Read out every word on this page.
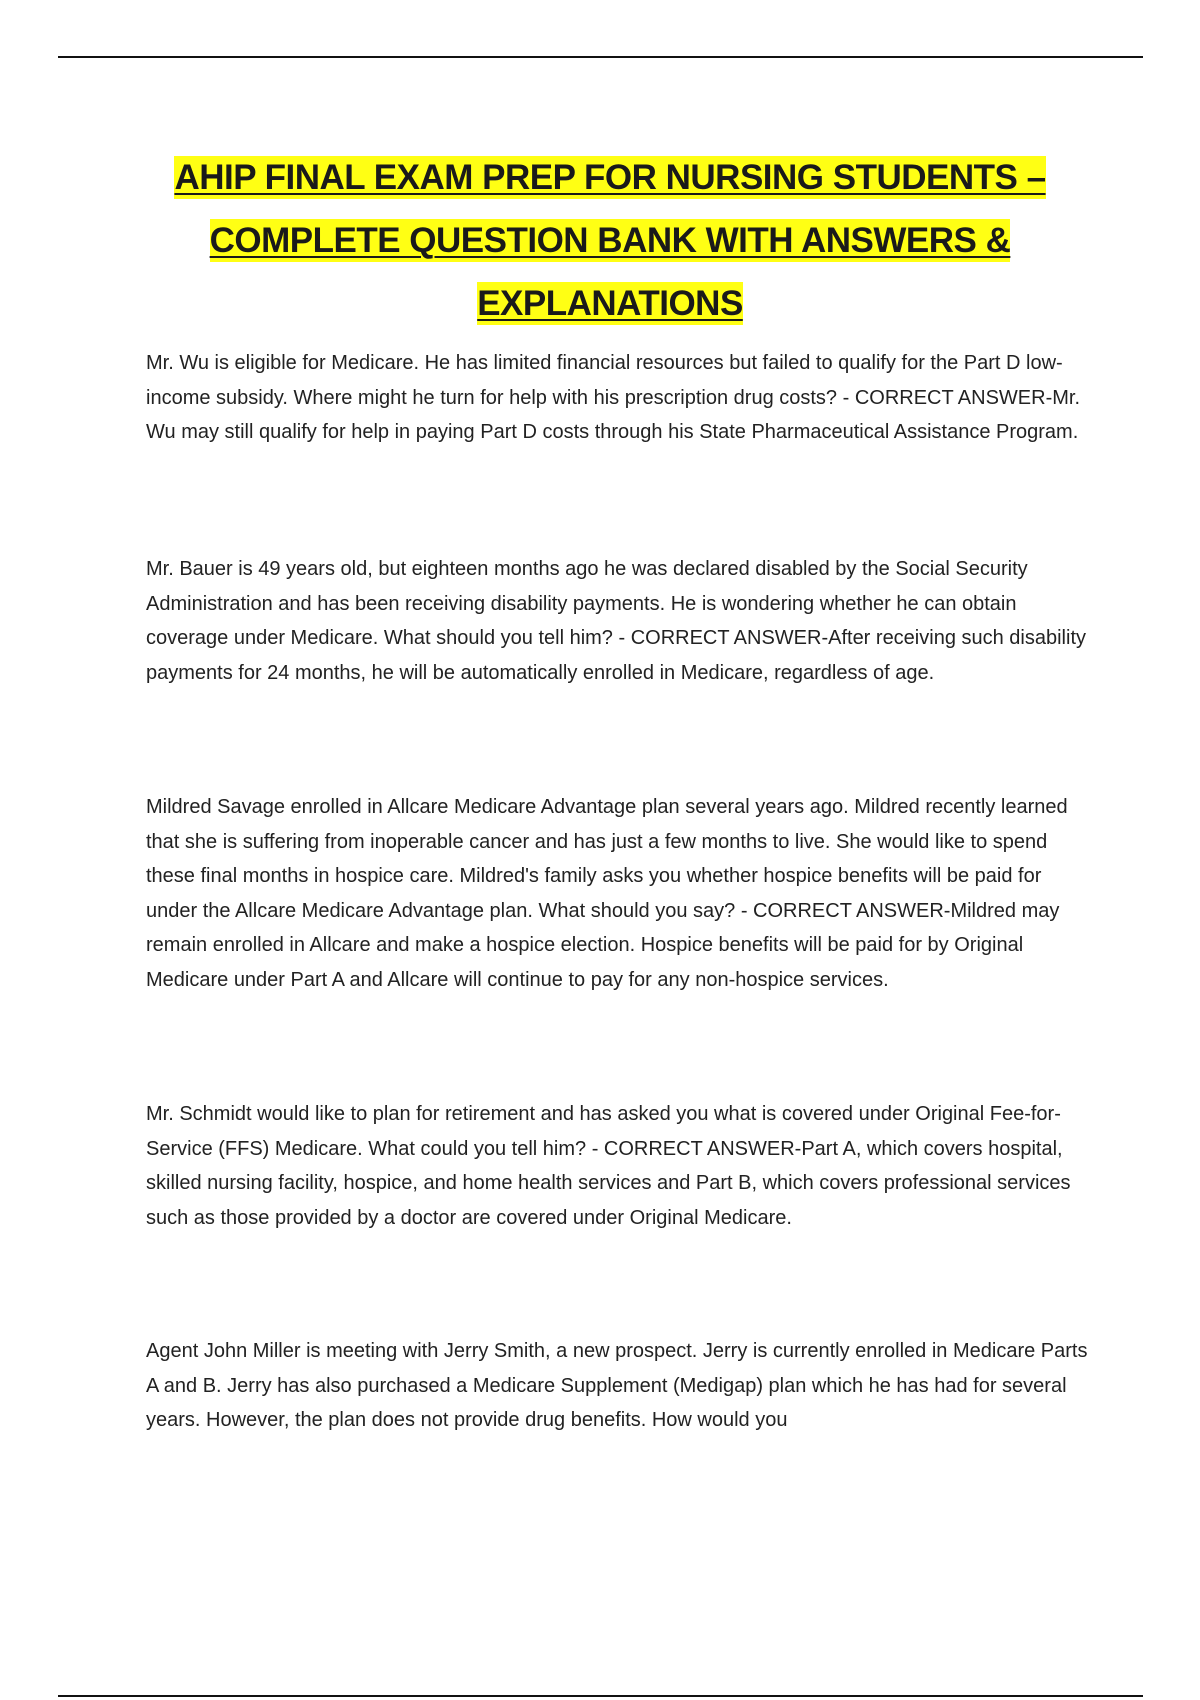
AHIP FINAL EXAM PREP FOR NURSING STUDENTS – COMPLETE QUESTION BANK WITH ANSWERS & EXPLANATIONS

Mr. Wu is eligible for Medicare. He has limited financial resources but failed to qualify for the Part D low-income subsidy. Where might he turn for help with his prescription drug costs? - CORRECT ANSWER-Mr. Wu may still qualify for help in paying Part D costs through his State Pharmaceutical Assistance Program.

Mr. Bauer is 49 years old, but eighteen months ago he was declared disabled by the Social Security Administration and has been receiving disability payments. He is wondering whether he can obtain coverage under Medicare. What should you tell him? - CORRECT ANSWER-After receiving such disability payments for 24 months, he will be automatically enrolled in Medicare, regardless of age.

Mildred Savage enrolled in Allcare Medicare Advantage plan several years ago. Mildred recently learned that she is suffering from inoperable cancer and has just a few months to live. She would like to spend these final months in hospice care. Mildred's family asks you whether hospice benefits will be paid for under the Allcare Medicare Advantage plan. What should you say? - CORRECT ANSWER-Mildred may remain enrolled in Allcare and make a hospice election. Hospice benefits will be paid for by Original Medicare under Part A and Allcare will continue to pay for any non-hospice services.

Mr. Schmidt would like to plan for retirement and has asked you what is covered under Original Fee-for-Service (FFS) Medicare. What could you tell him? - CORRECT ANSWER-Part A, which covers hospital, skilled nursing facility, hospice, and home health services and Part B, which covers professional services such as those provided by a doctor are covered under Original Medicare.

Agent John Miller is meeting with Jerry Smith, a new prospect. Jerry is currently enrolled in Medicare Parts A and B. Jerry has also purchased a Medicare Supplement (Medigap) plan which he has had for several years. However, the plan does not provide drug benefits. How would you
